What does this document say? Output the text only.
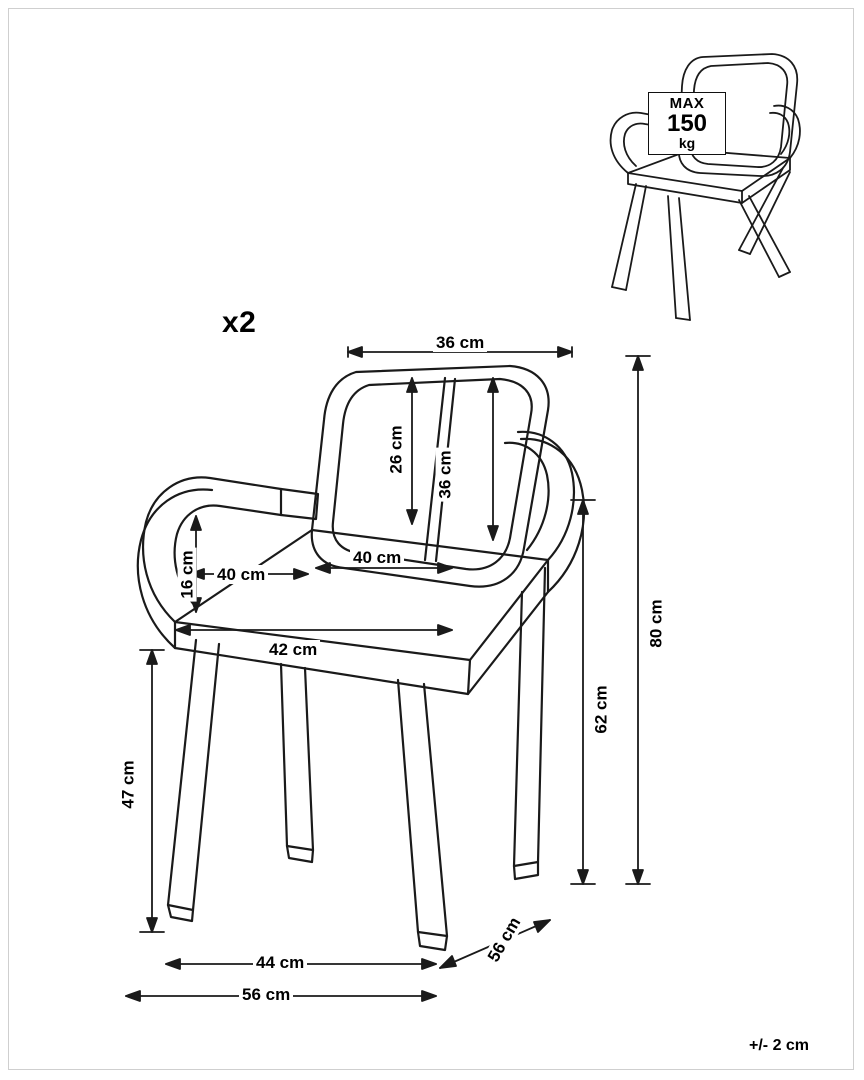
x2
MAX
150
kg
36 cm
26 cm
36 cm
16 cm 40 cm
40 cm
42 cm
47 cm
62 cm
80 cm
44 cm	56 cm
56 cm
+/- 2 cm
